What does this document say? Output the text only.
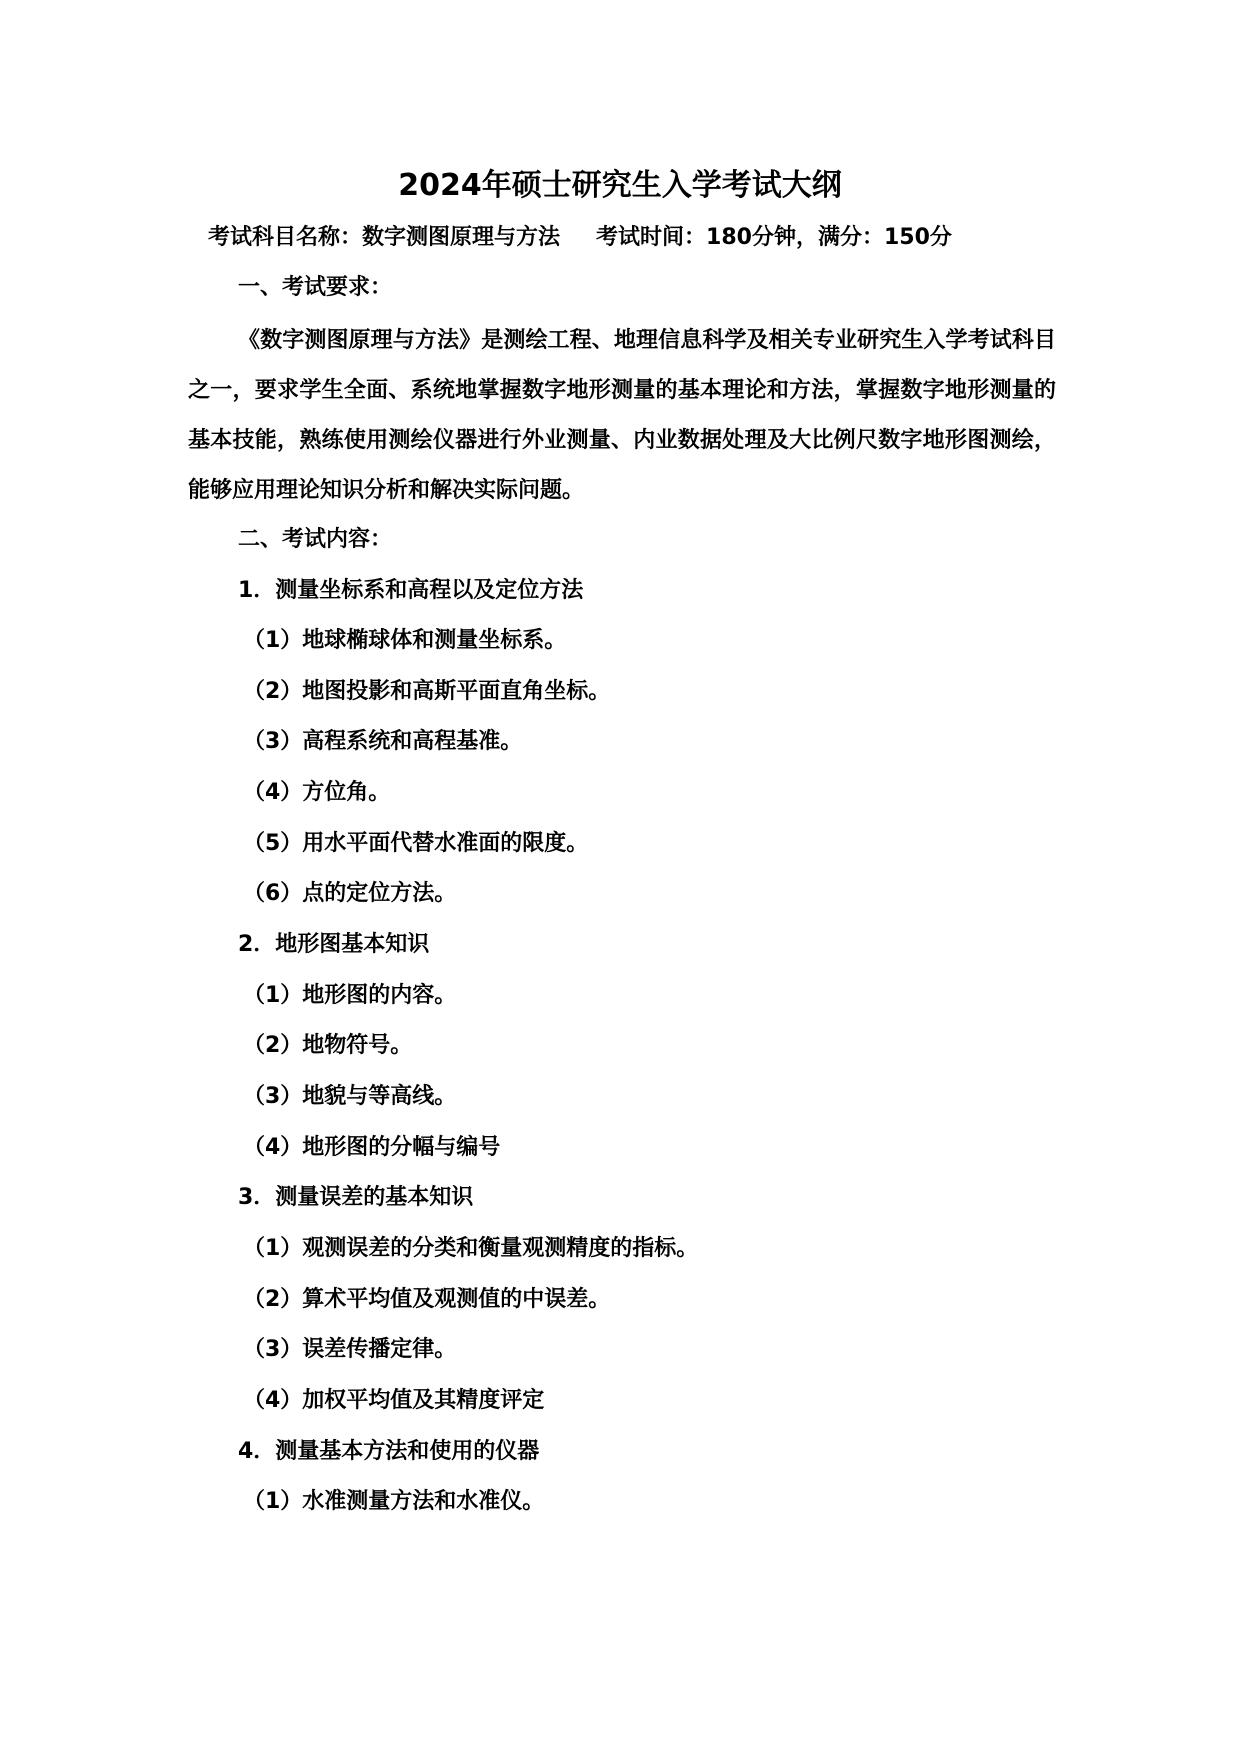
2024年硕士研究生入学考试大纲
考试科目名称：数字测图原理与方法 考试时间：180分钟，满分：150分
一、考试要求：
《数字测图原理与方法》是测绘工程、地理信息科学及相关专业研究生入学考试科目之一，要求学生全面、系统地掌握数字地形测量的基本理论和方法，掌握数字地形测量的基本技能，熟练使用测绘仪器进行外业测量、内业数据处理及大比例尺数字地形图测绘，能够应用理论知识分析和解决实际问题。
二、考试内容：
1．测量坐标系和高程以及定位方法
（1）地球椭球体和测量坐标系。
（2）地图投影和高斯平面直角坐标。
（3）高程系统和高程基准。
（4）方位角。
（5）用水平面代替水准面的限度。
（6）点的定位方法。
2．地形图基本知识
（1）地形图的内容。
（2）地物符号。
（3）地貌与等高线。
（4）地形图的分幅与编号
3．测量误差的基本知识
（1）观测误差的分类和衡量观测精度的指标。
（2）算术平均值及观测值的中误差。
（3）误差传播定律。
（4）加权平均值及其精度评定
4．测量基本方法和使用的仪器
（1）水准测量方法和水准仪。
